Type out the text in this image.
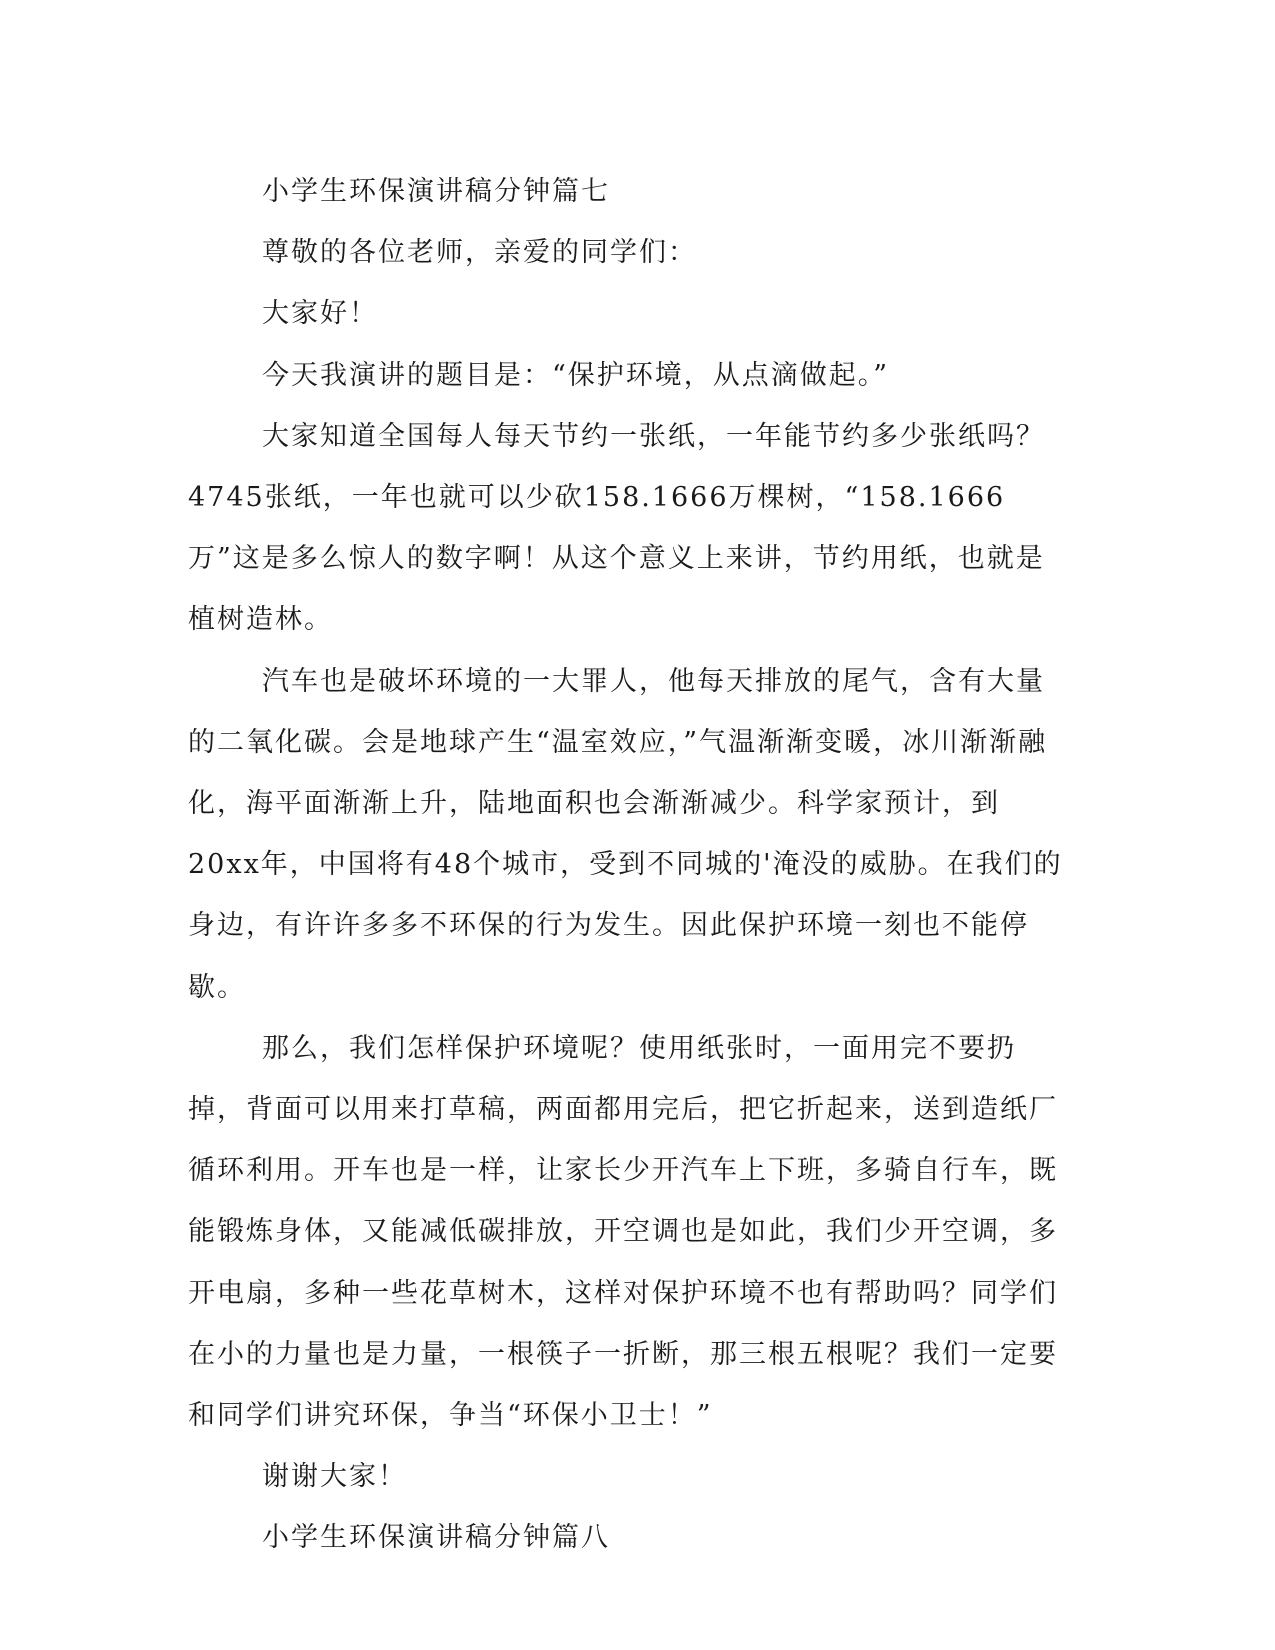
小学生环保演讲稿分钟篇七

尊敬的各位老师，亲爱的同学们：

大家好！

今天我演讲的题目是：“保护环境，从点滴做起。”

大家知道全国每人每天节约一张纸，一年能节约多少张纸吗？4745张纸，一年也就可以少砍158.1666万棵树，“158.1666万”这是多么惊人的数字啊！从这个意义上来讲，节约用纸，也就是植树造林。

汽车也是破坏环境的一大罪人，他每天排放的尾气，含有大量的二氧化碳。会是地球产生“温室效应，”气温渐渐变暖，冰川渐渐融化，海平面渐渐上升，陆地面积也会渐渐减少。科学家预计，到20xx年，中国将有48个城市，受到不同城的'淹没的威胁。在我们的身边，有许许多多不环保的行为发生。因此保护环境一刻也不能停歇。

那么，我们怎样保护环境呢？使用纸张时，一面用完不要扔掉，背面可以用来打草稿，两面都用完后，把它折起来，送到造纸厂循环利用。开车也是一样，让家长少开汽车上下班，多骑自行车，既能锻炼身体，又能减低碳排放，开空调也是如此，我们少开空调，多开电扇，多种一些花草树木，这样对保护环境不也有帮助吗？同学们在小的力量也是力量，一根筷子一折断，那三根五根呢？我们一定要和同学们讲究环保，争当“环保小卫士！”

谢谢大家！

小学生环保演讲稿分钟篇八
